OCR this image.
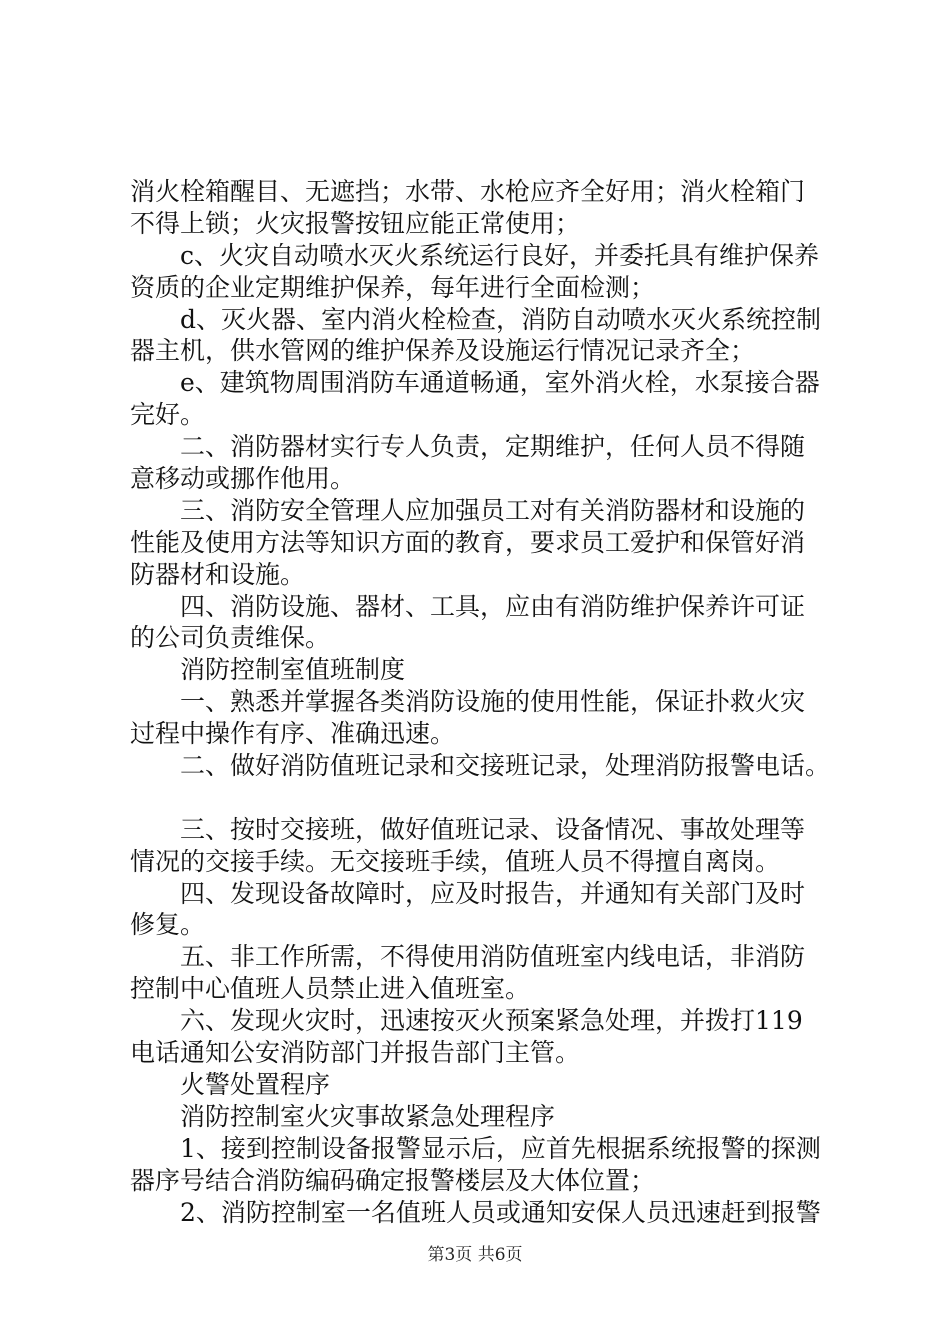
消火栓箱醒目、无遮挡；水带、水枪应齐全好用；消火栓箱门
不得上锁；火灾报警按钮应能正常使用；
c、火灾自动喷水灭火系统运行良好，并委托具有维护保养
资质的企业定期维护保养，每年进行全面检测；
d、灭火器、室内消火栓检查，消防自动喷水灭火系统控制
器主机，供水管网的维护保养及设施运行情况记录齐全；
e、建筑物周围消防车通道畅通，室外消火栓，水泵接合器
完好。
二、消防器材实行专人负责，定期维护，任何人员不得随
意移动或挪作他用。
三、消防安全管理人应加强员工对有关消防器材和设施的
性能及使用方法等知识方面的教育，要求员工爱护和保管好消
防器材和设施。
四、消防设施、器材、工具，应由有消防维护保养许可证
的公司负责维保。
消防控制室值班制度
一、熟悉并掌握各类消防设施的使用性能，保证扑救火灾
过程中操作有序、准确迅速。
二、做好消防值班记录和交接班记录，处理消防报警电话。
三、按时交接班，做好值班记录、设备情况、事故处理等
情况的交接手续。无交接班手续，值班人员不得擅自离岗。
四、发现设备故障时，应及时报告，并通知有关部门及时
修复。
五、非工作所需，不得使用消防值班室内线电话，非消防
控制中心值班人员禁止进入值班室。
六、发现火灾时，迅速按灭火预案紧急处理，并拨打119
电话通知公安消防部门并报告部门主管。
火警处置程序
消防控制室火灾事故紧急处理程序
1、接到控制设备报警显示后，应首先根据系统报警的探测
器序号结合消防编码确定报警楼层及大体位置；
2、消防控制室一名值班人员或通知安保人员迅速赶到报警
第3页 共6页
